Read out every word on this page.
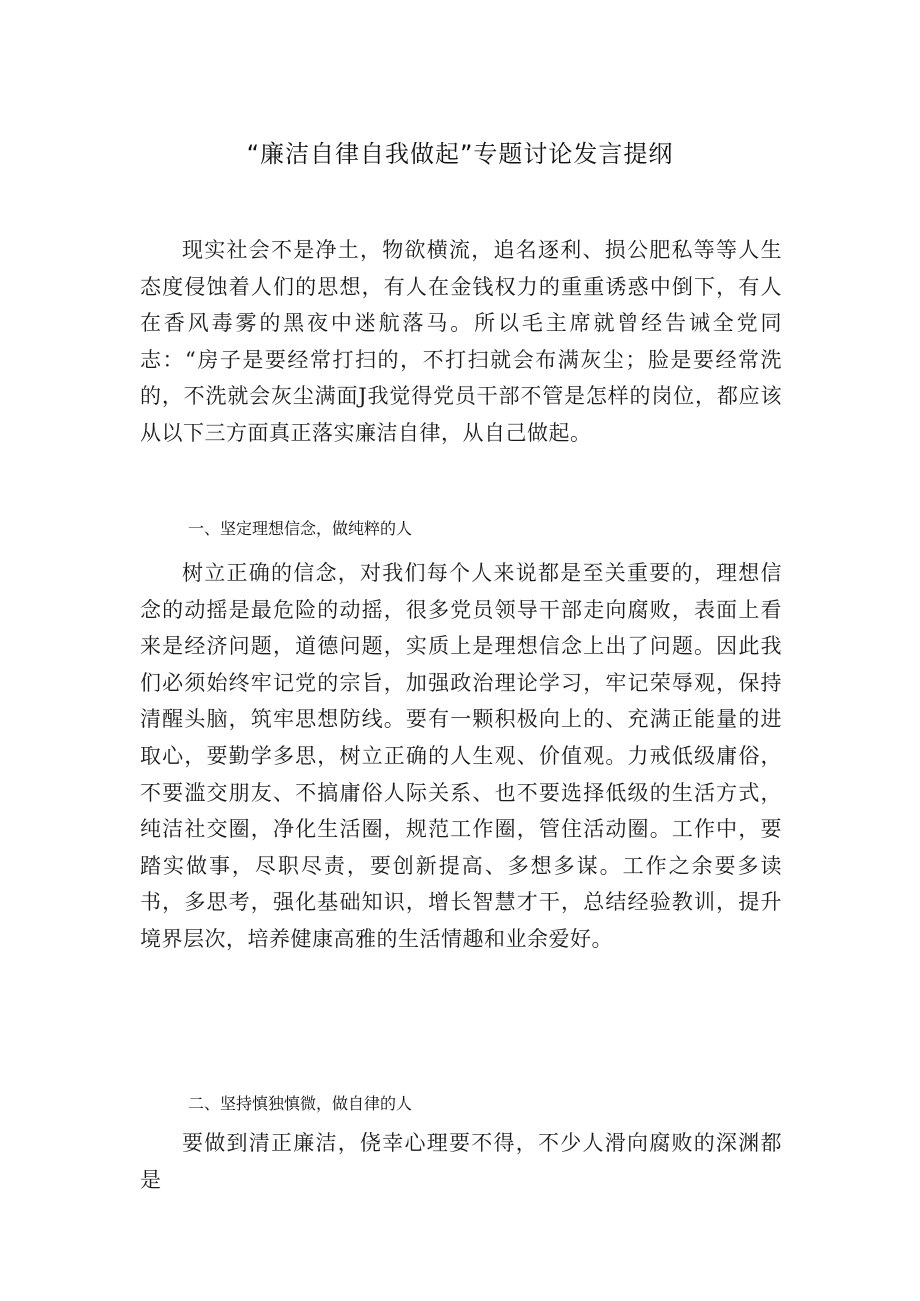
“廉洁自律自我做起”专题讨论发言提纲

现实社会不是净土，物欲横流，追名逐利、损公肥私等等人生态度侵蚀着人们的思想，有人在金钱权力的重重诱惑中倒下，有人在香风毒雾的黑夜中迷航落马。所以毛主席就曾经告诫全党同志：“房子是要经常打扫的，不打扫就会布满灰尘；脸是要经常洗的，不洗就会灰尘满面J我觉得党员干部不管是怎样的岗位，都应该从以下三方面真正落实廉洁自律，从自己做起。

一、坚定理想信念，做纯粹的人

树立正确的信念，对我们每个人来说都是至关重要的，理想信念的动摇是最危险的动摇，很多党员领导干部走向腐败，表面上看来是经济问题，道德问题，实质上是理想信念上出了问题。因此我们必须始终牢记党的宗旨，加强政治理论学习，牢记荣辱观，保持清醒头脑，筑牢思想防线。要有一颗积极向上的、充满正能量的进取心，要勤学多思，树立正确的人生观、价值观。力戒低级庸俗，不要滥交朋友、不搞庸俗人际关系、也不要选择低级的生活方式，纯洁社交圈，净化生活圈，规范工作圈，管住活动圈。工作中，要踏实做事，尽职尽责，要创新提高、多想多谋。工作之余要多读书，多思考，强化基础知识，增长智慧才干，总结经验教训，提升境界层次，培养健康高雅的生活情趣和业余爱好。

二、坚持慎独慎微，做自律的人

要做到清正廉洁，侥幸心理要不得，不少人滑向腐败的深渊都是
